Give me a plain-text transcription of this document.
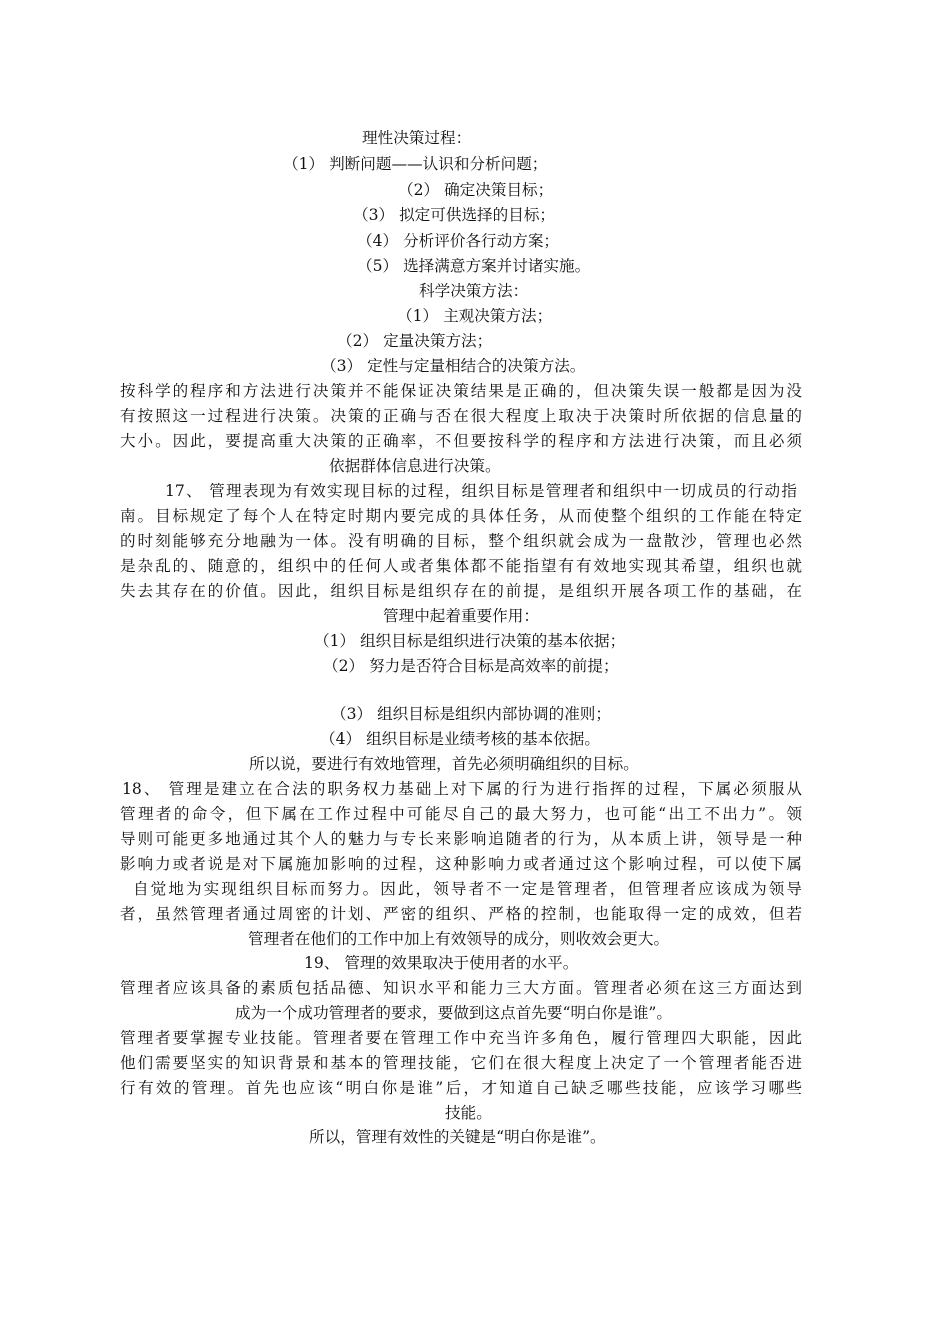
理性决策过程：

（1） 判断问题——认识和分析问题；

（2） 确定决策目标；

（3） 拟定可供选择的目标；

（4） 分析评价各行动方案；

（5） 选择满意方案并讨诸实施。

科学决策方法：

（1） 主观决策方法；

（2） 定量决策方法；

（3） 定性与定量相结合的决策方法。

按科学的程序和方法进行决策并不能保证决策结果是正确的，但决策失误一般都是因为没

有按照这一过程进行决策。决策的正确与否在很大程度上取决于决策时所依据的信息量的

大小。因此，要提高重大决策的正确率，不但要按科学的程序和方法进行决策，而且必须

依据群体信息进行决策。

17、 管理表现为有效实现目标的过程，组织目标是管理者和组织中一切成员的行动指

南。目标规定了每个人在特定时期内要完成的具体任务，从而使整个组织的工作能在特定

的时刻能够充分地融为一体。没有明确的目标，整个组织就会成为一盘散沙，管理也必然

是杂乱的、随意的，组织中的任何人或者集体都不能指望有有效地实现其希望，组织也就

失去其存在的价值。因此，组织目标是组织存在的前提，是组织开展各项工作的基础，在

管理中起着重要作用：

（1） 组织目标是组织进行决策的基本依据；

（2） 努力是否符合目标是高效率的前提；

（3） 组织目标是组织内部协调的准则；

（4） 组织目标是业绩考核的基本依据。

所以说，要进行有效地管理，首先必须明确组织的目标。

18、 管理是建立在合法的职务权力基础上对下属的行为进行指挥的过程，下属必须服从

管理者的命令，但下属在工作过程中可能尽自己的最大努力，也可能“出工不出力”。领

导则可能更多地通过其个人的魅力与专长来影响追随者的行为，从本质上讲，领导是一种

影响力或者说是对下属施加影响的过程，这种影响力或者通过这个影响过程，可以使下属

自觉地为实现组织目标而努力。因此，领导者不一定是管理者，但管理者应该成为领导

者，虽然管理者通过周密的计划、严密的组织、严格的控制，也能取得一定的成效，但若

管理者在他们的工作中加上有效领导的成分，则收效会更大。

19、 管理的效果取决于使用者的水平。

管理者应该具备的素质包括品德、知识水平和能力三大方面。管理者必须在这三方面达到

成为一个成功管理者的要求，要做到这点首先要“明白你是谁”。

管理者要掌握专业技能。管理者要在管理工作中充当许多角色，履行管理四大职能，因此

他们需要坚实的知识背景和基本的管理技能，它们在很大程度上决定了一个管理者能否进

行有效的管理。首先也应该“明白你是谁”后，才知道自己缺乏哪些技能，应该学习哪些

技能。

所以，管理有效性的关键是“明白你是谁”。
